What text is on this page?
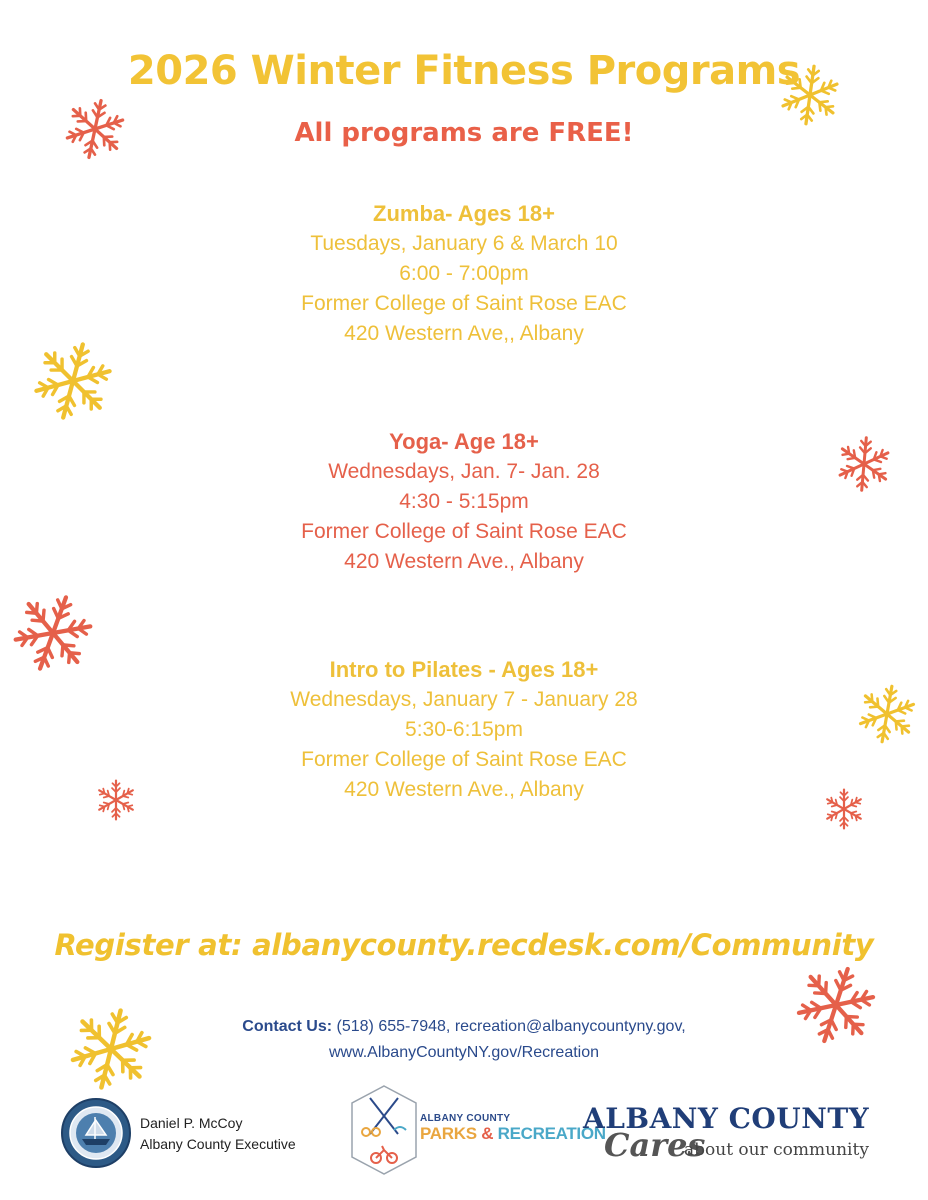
2026 Winter Fitness Programs
All programs are FREE!
Zumba- Ages 18+
Tuesdays, January 6 & March 10
6:00 - 7:00pm
Former College of Saint Rose EAC
420 Western Ave,, Albany
Yoga- Age 18+
Wednesdays, Jan. 7- Jan. 28
4:30 - 5:15pm
Former College of Saint Rose EAC
420 Western Ave., Albany
Intro to Pilates - Ages 18+
Wednesdays, January 7 - January 28
5:30-6:15pm
Former College of Saint Rose EAC
420 Western Ave., Albany
Register at: albanycounty.recdesk.com/Community
Contact Us: (518) 655-7948, recreation@albanycountyny.gov,
www.AlbanyCountyNY.gov/Recreation
Daniel P. McCoy
Albany County Executive
ALBANY COUNTY
PARKS & RECREATION
ALBANY COUNTY
Cares
about our community
